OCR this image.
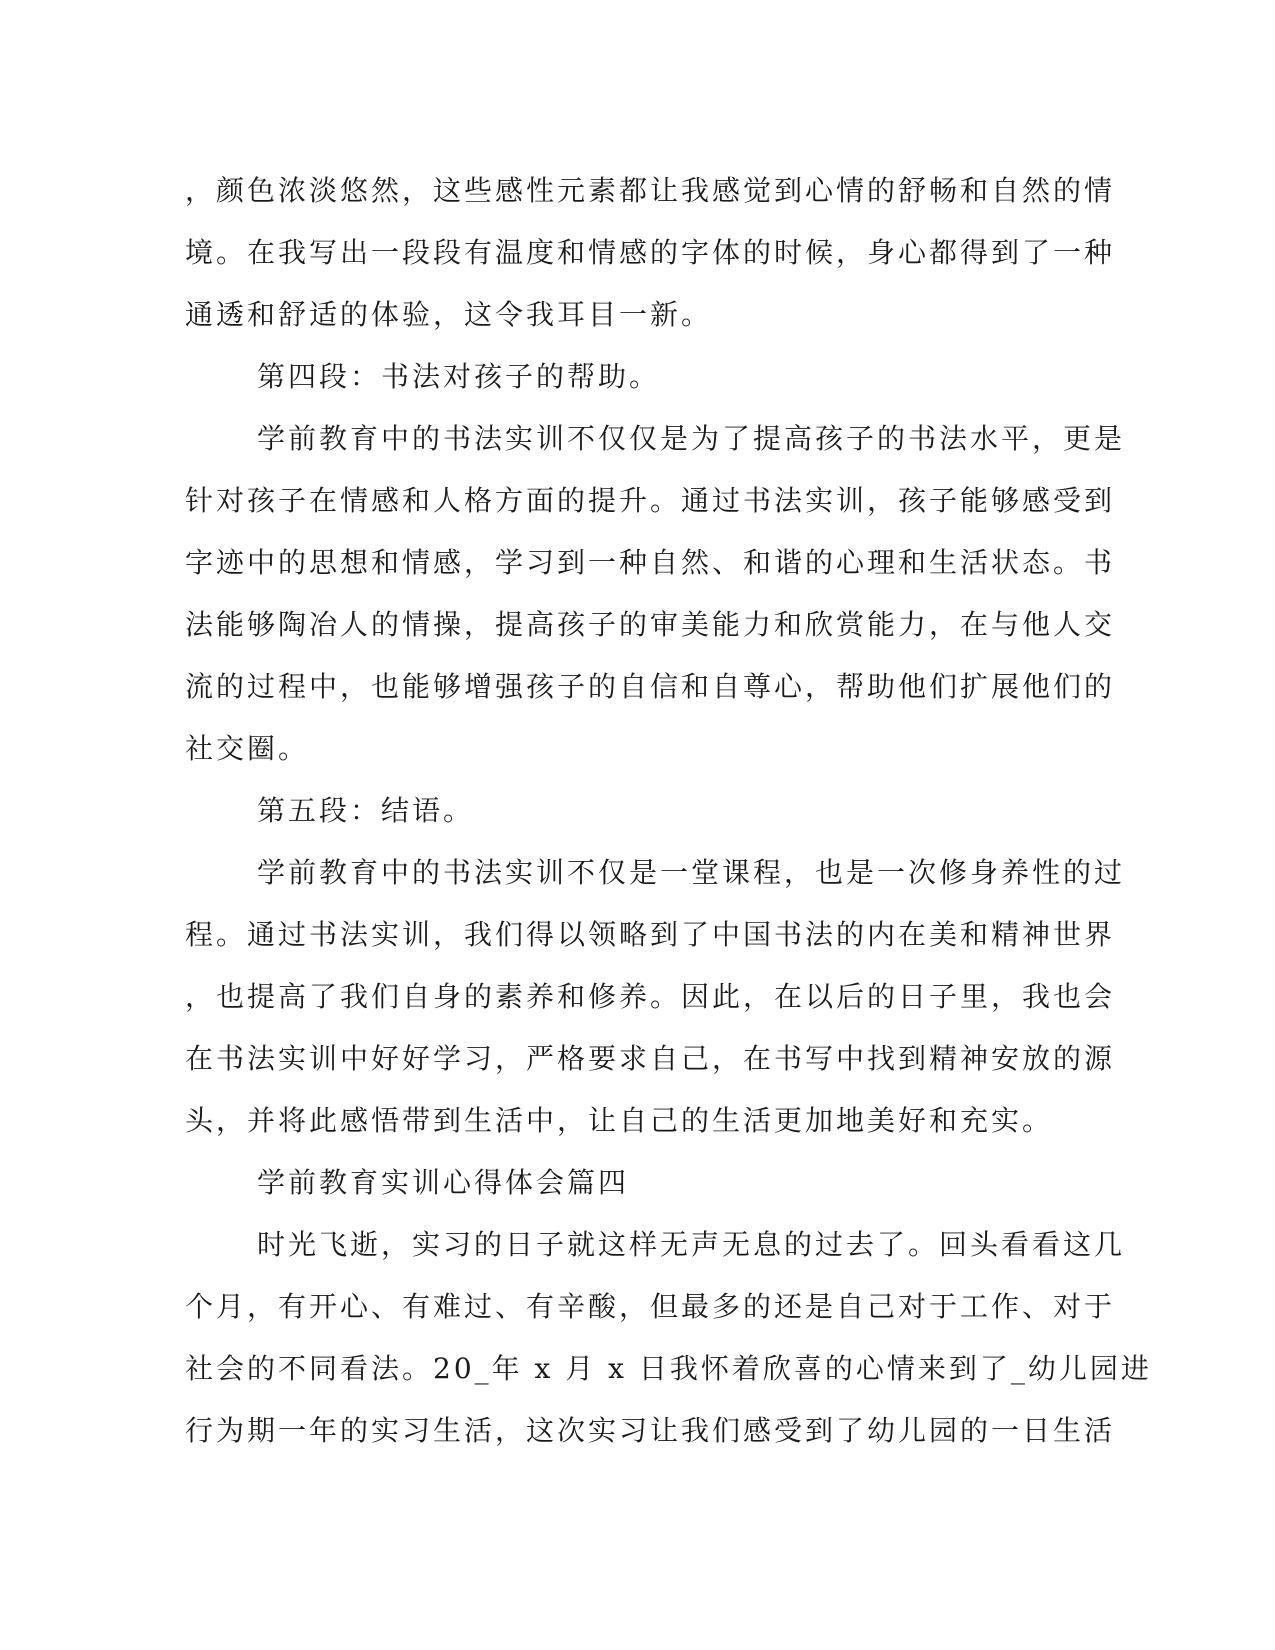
，颜色浓淡悠然，这些感性元素都让我感觉到心情的舒畅和自然的情
境。在我写出一段段有温度和情感的字体的时候，身心都得到了一种
通透和舒适的体验，这令我耳目一新。
第四段：书法对孩子的帮助。
学前教育中的书法实训不仅仅是为了提高孩子的书法水平，更是
针对孩子在情感和人格方面的提升。通过书法实训，孩子能够感受到
字迹中的思想和情感，学习到一种自然、和谐的心理和生活状态。书
法能够陶冶人的情操，提高孩子的审美能力和欣赏能力，在与他人交
流的过程中，也能够增强孩子的自信和自尊心，帮助他们扩展他们的
社交圈。
第五段：结语。
学前教育中的书法实训不仅是一堂课程，也是一次修身养性的过
程。通过书法实训，我们得以领略到了中国书法的内在美和精神世界
，也提高了我们自身的素养和修养。因此，在以后的日子里，我也会
在书法实训中好好学习，严格要求自己，在书写中找到精神安放的源
头，并将此感悟带到生活中，让自己的生活更加地美好和充实。
学前教育实训心得体会篇四
时光飞逝，实习的日子就这样无声无息的过去了。回头看看这几
个月，有开心、有难过、有辛酸，但最多的还是自己对于工作、对于
社会的不同看法。20_年 x 月 x 日我怀着欣喜的心情来到了_幼儿园进
行为期一年的实习生活，这次实习让我们感受到了幼儿园的一日生活
